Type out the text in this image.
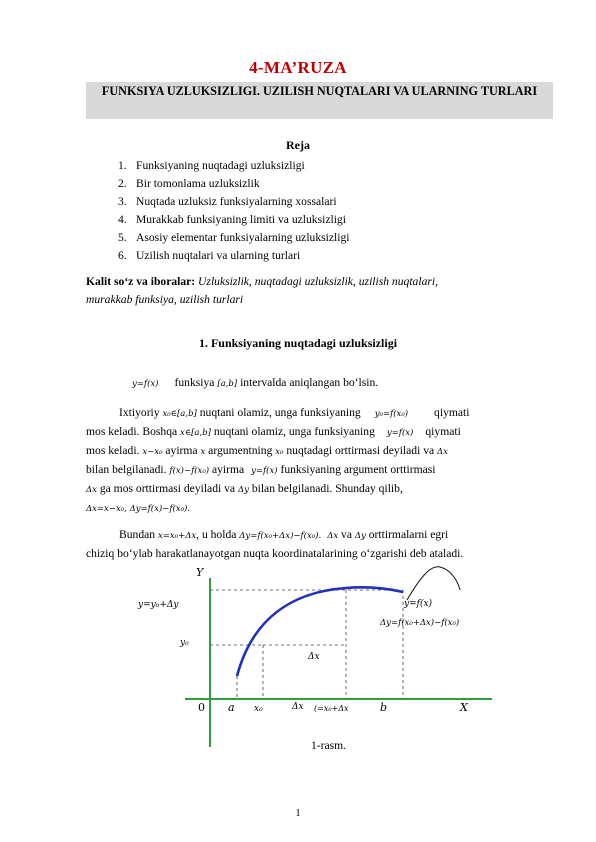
4-MA’RUZA
FUNKSIYA UZLUKSIZLIGI. UZILISH NUQTALARI VA ULARNING TURLARI
Reja
1. Funksiyaning nuqtadagi uzluksizligi
2. Bir tomonlama uzluksizlik
3. Nuqtada uzluksiz funksiyalarning xossalari
4. Murakkab funksiyaning limiti va uzluksizligi
5. Asosiy elementar funksiyalarning uzluksizligi
6. Uzilish nuqtalari va ularning turlari
Kalit so‘z va iboralar: Uzluksizlik, nuqtadagi uzluksizlik, uzilish nuqtalari,
murakkab funksiya, uzilish turlari
1. Funksiyaning nuqtadagi uzluksizligi
y=f(x) funksiya [a,b] intervalda aniqlangan bo‘lsin.
Ixtiyoriy x₀∈[a,b] nuqtani olamiz, unga funksiyaning y₀=f(x₀) qiymati
mos keladi. Boshqa x∈[a,b] nuqtani olamiz, unga funksiyaning y=f(x) qiymati
mos keladi. x−x₀ ayirma x argumentning x₀ nuqtadagi orttirmasi deyiladi va Δx
bilan belgilanadi. f(x)−f(x₀) ayirma y=f(x) funksiyaning argument orttirmasi
Δx ga mos orttirmasi deyiladi va Δy bilan belgilanadi. Shunday qilib,
Δx=x−x₀, Δy=f(x)−f(x₀).
Bundan x=x₀+Δx, u holda Δy=f(x₀+Δx)−f(x₀). Δx va Δy orttirmalarni egri
chiziq bo‘ylab harakatlanayotgan nuqta koordinatalarining o‘zgarishi deb ataladi.
Y
X
0 a x₀	Δx (=x₀+Δx	b
y=y₀+Δy
y₀
Δx
y=f(x)
Δy=f(x₀+Δx)−f(x₀)
1-rasm.
1
